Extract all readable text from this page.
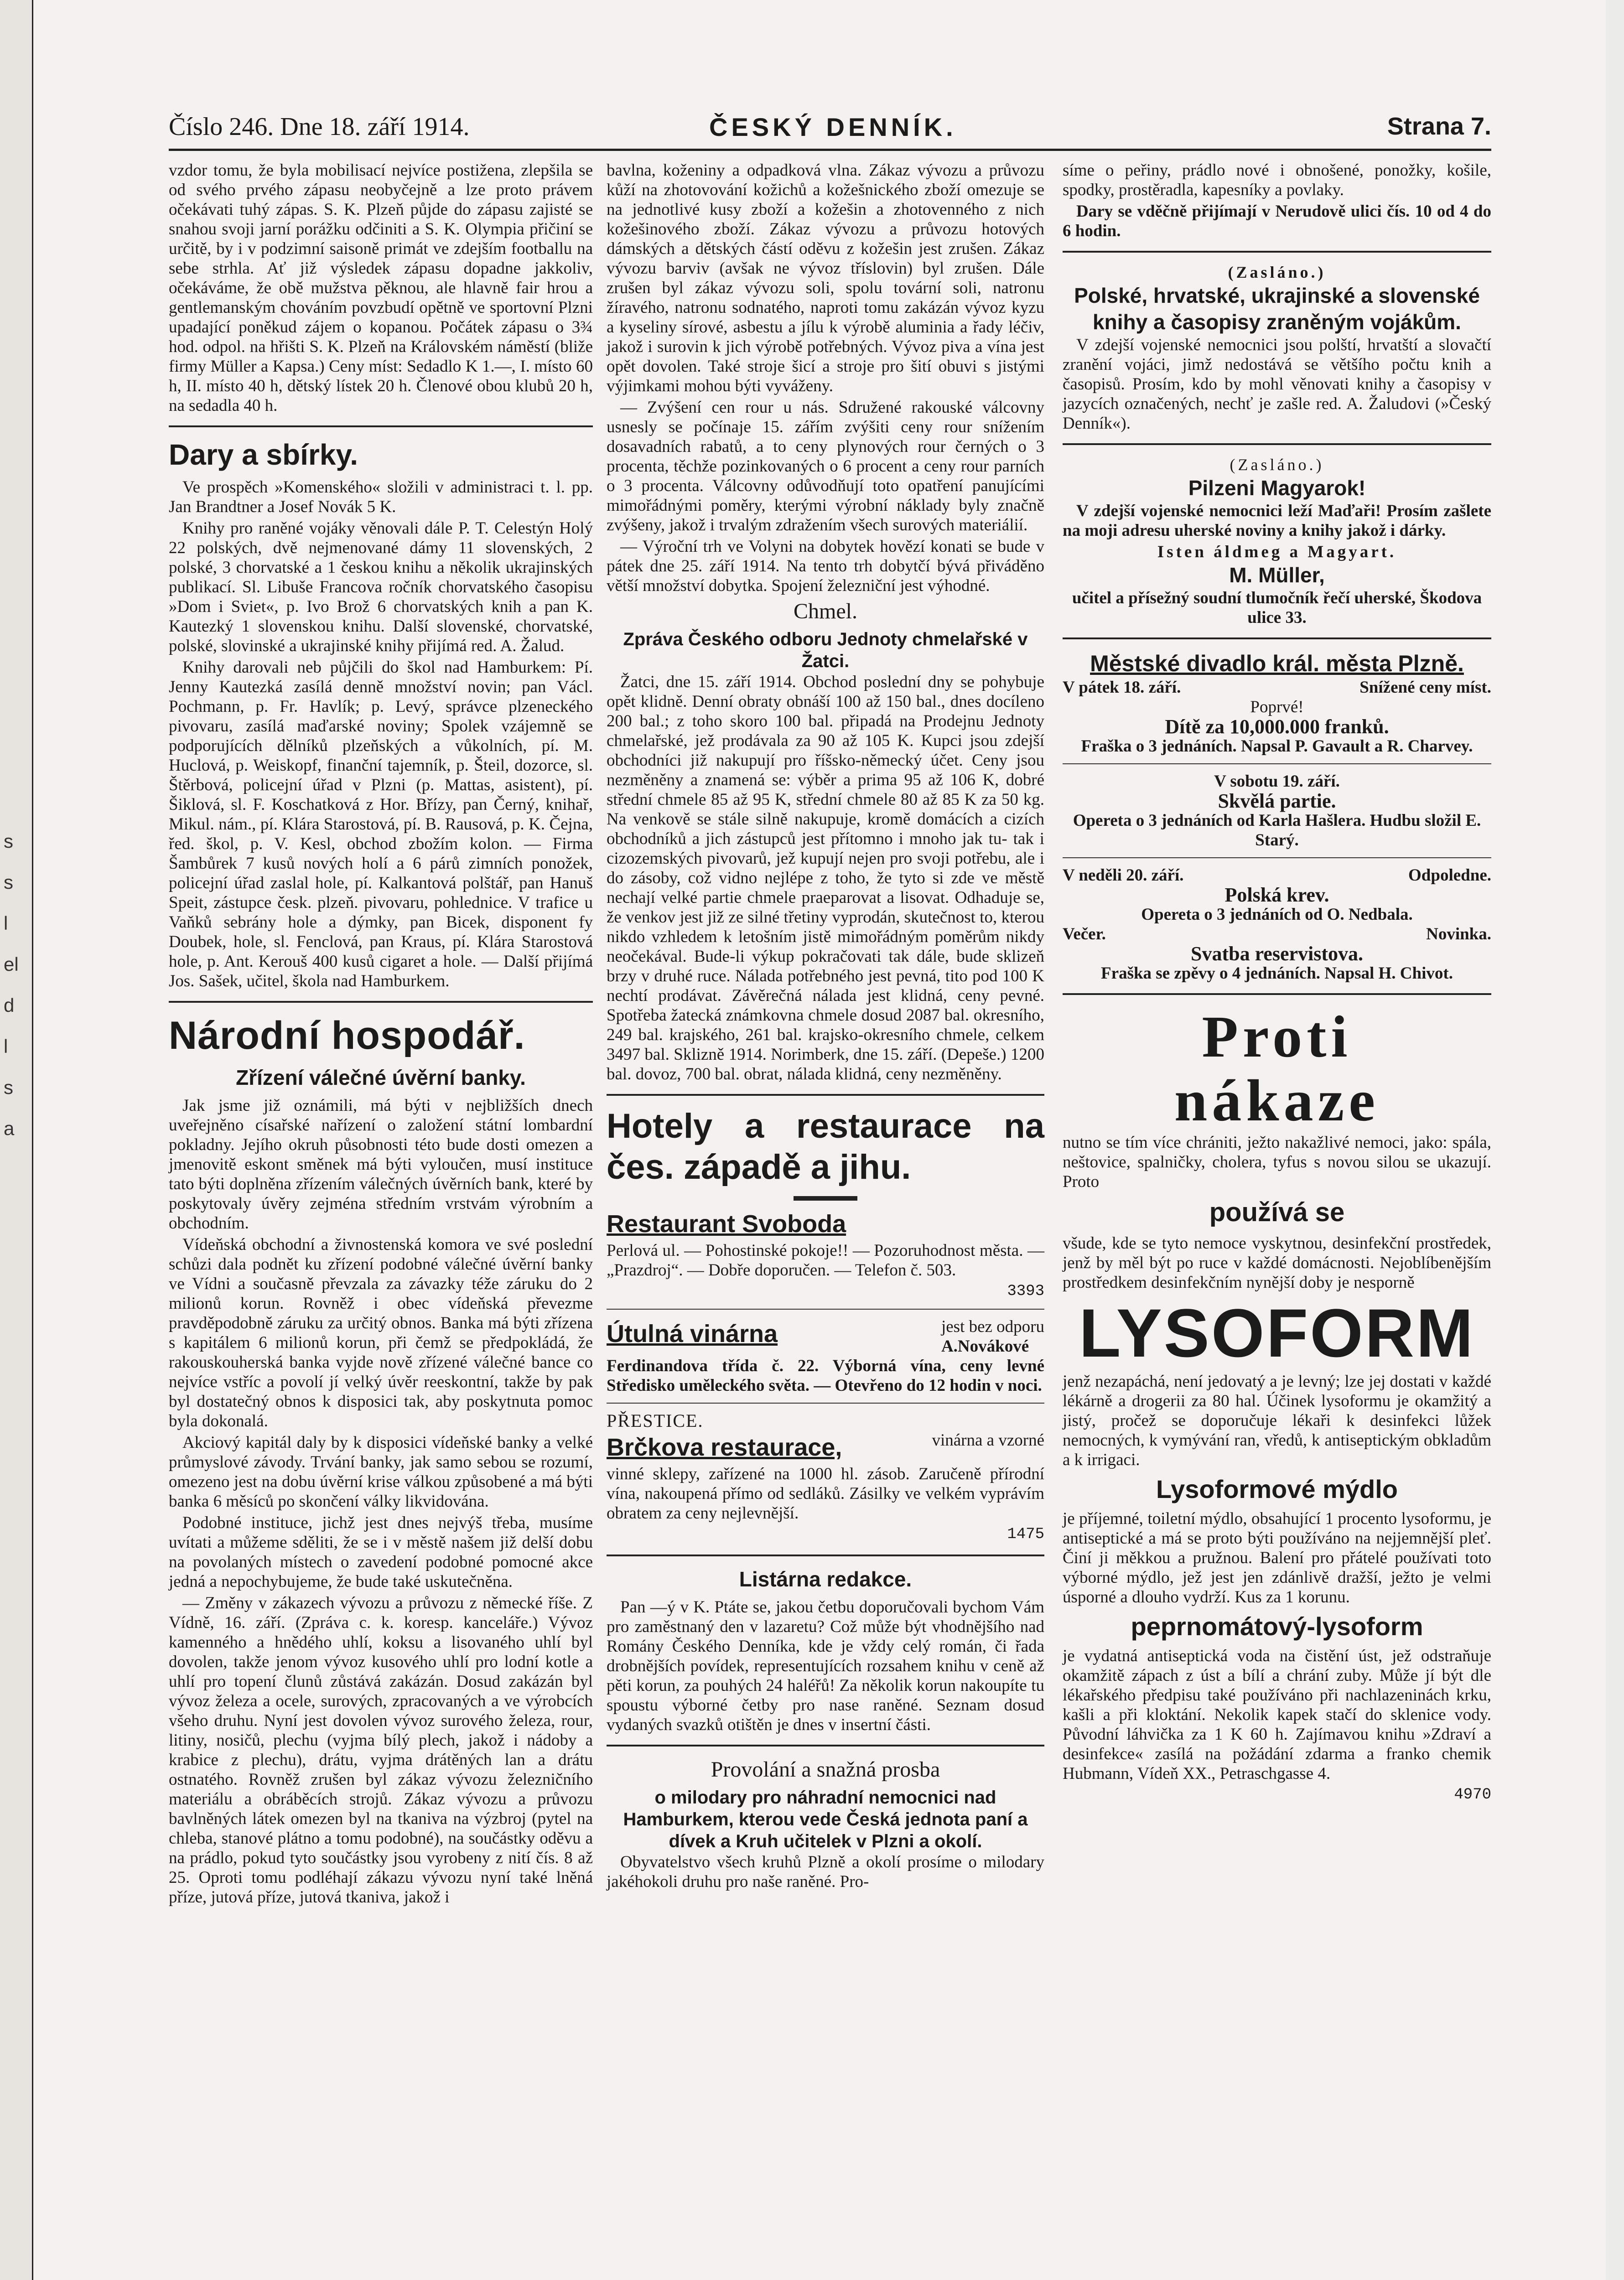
s
s
l
el
d
l
s
a
Číslo 246. Dne 18. září 1914.	ČESKÝ DENNÍK.	Strana 7.

vzdor tomu, že byla mobilisací nejvíce postižena, zlepšila se od svého prvého zápasu neobyčejně a lze proto právem očekávati tuhý zápas. S. K. Plzeň půjde do zápasu zajisté se snahou svoji jarní porážku odčiniti a S. K. Olympia přičiní se určitě, by i v podzimní saisoně primát ve zdejším footballu na sebe strhla. Ať již výsledek zápasu dopadne jakkoliv, očekáváme, že obě mužstva pěknou, ale hlavně fair hrou a gentlemanským chováním povzbudí opětně ve sportovní Plzni upadající poněkud zájem o kopanou. Počátek zápasu o 3¾ hod. odpol. na hřišti S. K. Plzeň na Královském náměstí (bliže firmy Müller a Kapsa.) Ceny míst: Sedadlo K 1.—, I. místo 60 h, II. místo 40 h, dětský lístek 20 h. Členové obou klubů 20 h, na sedadla 40 h.

Dary a sbírky.

Ve prospěch »Komenského« složili v administraci t. l. pp. Jan Brandtner a Josef Novák 5 K.

Knihy pro raněné vojáky věnovali dále P. T. Celestýn Holý 22 polských, dvě nejmenované dámy 11 slovenských, 2 polské, 3 chorvatské a 1 českou knihu a několik ukrajinských publikací. Sl. Libuše Francova ročník chorvatského časopisu »Dom i Sviet«, p. Ivo Brož 6 chorvatských knih a pan K. Kautezký 1 slovenskou knihu. Další slovenské, chorvatské, polské, slovinské a ukrajinské knihy přijímá red. A. Žalud.

Knihy darovali neb půjčili do škol nad Hamburkem: Pí. Jenny Kautezká zasílá denně množství novin; pan Václ. Pochmann, p. Fr. Havlík; p. Levý, správce plzeneckého pivovaru, zasílá maďarské noviny; Spolek vzájemně se podporujících dělníků plzeňských a vůkolních, pí. M. Huclová, p. Weiskopf, finanční tajemník, p. Šteil, dozorce, sl. Štěrbová, policejní úřad v Plzni (p. Mattas, asistent), pí. Šiklová, sl. F. Koschatková z Hor. Břízy, pan Černý, knihař, Mikul. nám., pí. Klára Starostová, pí. B. Rausová, p. K. Čejna, řed. škol, p. V. Kesl, obchod zbožím kolon. — Firma Šambůrek 7 kusů nových holí a 6 párů zimních ponožek, policejní úřad zaslal hole, pí. Kalkantová polštář, pan Hanuš Speit, zástupce česk. plzeň. pivovaru, pohlednice. V trafice u Vaňků sebrány hole a dýmky, pan Bicek, disponent fy Doubek, hole, sl. Fenclová, pan Kraus, pí. Klára Starostová hole, p. Ant. Kerouš 400 kusů cigaret a hole. — Další přijímá Jos. Sašek, učitel, škola nad Hamburkem.

Národní hospodář.
Zřízení válečné úvěrní banky.

Jak jsme již oznámili, má býti v nejbližších dnech uveřejněno císařské nařízení o založení státní lombardní pokladny. Jejího okruh působnosti této bude dosti omezen a jmenovitě eskont směnek má býti vyloučen, musí instituce tato býti doplněna zřízením válečných úvěrních bank, které by poskytovaly úvěry zejména středním vrstvám výrobním a obchodním.

Vídeňská obchodní a živnostenská komora ve své poslední schůzi dala podnět ku zřízení podobné válečné úvěrní banky ve Vídni a současně převzala za závazky téže záruku do 2 milionů korun. Rovněž i obec vídeňská převezme pravděpodobně záruku za určitý obnos. Banka má býti zřízena s kapitálem 6 milionů korun, při čemž se předpokládá, že rakouskouherská banka vyjde nově zřízené válečné bance co nejvíce vstříc a povolí jí velký úvěr reeskontní, takže by pak byl dostatečný obnos k disposici tak, aby poskytnuta pomoc byla dokonalá.

Akciový kapitál daly by k disposici vídeňské banky a velké průmyslové závody. Trvání banky, jak samo sebou se rozumí, omezeno jest na dobu úvěrní krise válkou způsobené a má býti banka 6 měsíců po skončení války likvidována.

Podobné instituce, jichž jest dnes nejvýš třeba, musíme uvítati a můžeme sděliti, že se i v městě našem již delší dobu na povolaných místech o zavedení podobné pomocné akce jedná a nepochybujeme, že bude také uskutečněna.

— Změny v zákazech vývozu a průvozu z německé říše. Z Vídně, 16. září. (Zpráva c. k. koresp. kanceláře.) Vývoz kamenného a hnědého uhlí, koksu a lisovaného uhlí byl dovolen, takže jenom vývoz kusového uhlí pro lodní kotle a uhlí pro topení člunů zůstává zakázán. Dosud zakázán byl vývoz železa a ocele, surových, zpracovaných a ve výrobcích všeho druhu. Nyní jest dovolen vývoz surového železa, rour, litiny, nosičů, plechu (vyjma bílý plech, jakož i nádoby a krabice z plechu), drátu, vyjma drátěných lan a drátu ostnatého. Rovněž zrušen byl zákaz vývozu železničního materiálu a obráběcích strojů. Zákaz vývozu a průvozu bavlněných látek omezen byl na tkaniva na výzbroj (pytel na chleba, stanové plátno a tomu podobné), na součástky oděvu a na prádlo, pokud tyto součástky jsou vyrobeny z nití čís. 8 až 25. Oproti tomu podléhají zákazu vývozu nyní také lněná příze, jutová příze, jutová tkaniva, jakož i

bavlna, koženiny a odpadková vlna. Zákaz vývozu a průvozu kůží na zhotovování kožichů a kožešnického zboží omezuje se na jednotlivé kusy zboží a kožešin a zhotovenného z nich kožešinového zboží. Zákaz vývozu a průvozu hotových dámských a dětských částí oděvu z kožešin jest zrušen. Zákaz vývozu barviv (avšak ne vývoz tříslovin) byl zrušen. Dále zrušen byl zákaz vývozu soli, spolu tovární soli, natronu žíravého, natronu sodnatého, naproti tomu zakázán vývoz kyzu a kyseliny sírové, asbestu a jílu k výrobě aluminia a řady léčiv, jakož i surovin k jich výrobě potřebných. Vývoz piva a vína jest opět dovolen. Také stroje šicí a stroje pro šití obuvi s jistými výjimkami mohou býti vyváženy.

— Zvýšení cen rour u nás. Sdružené rakouské válcovny usnesly se počínaje 15. zářím zvýšiti ceny rour snížením dosavadních rabatů, a to ceny plynových rour černých o 3 procenta, těchže pozinkovaných o 6 procent a ceny rour parních o 3 procenta. Válcovny odůvodňují toto opatření panujícími mimořádnými poměry, kterými výrobní náklady byly značně zvýšeny, jakož i trvalým zdražením všech surových materiálií.

— Výroční trh ve Volyni na dobytek hovězí konati se bude v pátek dne 25. září 1914. Na tento trh dobytčí bývá přiváděno větší množství dobytka. Spojení železniční jest výhodné.

Chmel.
Zpráva Českého odboru Jednoty chmelařské v Žatci.

Žatci, dne 15. září 1914. Obchod poslední dny se pohybuje opět klidně. Denní obraty obnáší 100 až 150 bal., dnes docíleno 200 bal.; z toho skoro 100 bal. připadá na Prodejnu Jednoty chmelařské, jež prodávala za 90 až 105 K. Kupci jsou zdejší obchodníci již nakupují pro říšsko-německý účet. Ceny jsou nezměněny a znamená se: výběr a prima 95 až 106 K, dobré střední chmele 85 až 95 K, střední chmele 80 až 85 K za 50 kg. Na venkově se stále silně nakupuje, kromě domácích a cizích obchodníků a jich zástupců jest přítomno i mnoho jak tu- tak i cizozemských pivovarů, jež kupují nejen pro svoji potřebu, ale i do zásoby, což vidno nejlépe z toho, že tyto si zde ve městě nechají velké partie chmele praeparovat a lisovat. Odhaduje se, že venkov jest již ze silné třetiny vyprodán, skutečnost to, kterou nikdo vzhledem k letošním jistě mimořádným poměrům nikdy neočekával. Bude-li výkup pokračovati tak dále, bude sklizeň brzy v druhé ruce. Nálada potřebného jest pevná, tito pod 100 K nechtí prodávat. Závěrečná nálada jest klidná, ceny pevné. Spotřeba žatecká známkovna chmele dosud 2087 bal. okresního, 249 bal. krajského, 261 bal. krajsko-okresního chmele, celkem 3497 bal. Sklizně 1914. Norimberk, dne 15. září. (Depeše.) 1200 bal. dovoz, 700 bal. obrat, nálada klidná, ceny nezměněny.

Hotely a restaurace na čes. západě a jihu.
Restaurant Svoboda

Perlová ul. — Pohostinské pokoje!! — Pozoruhodnost města. — „Prazdroj“. — Dobře doporučen. — Telefon č. 503.

3393
Útulná vinárna	jest bez odporu
A.Novákové

Ferdinandova třída č. 22. Výborná vína, ceny levné Středisko uměleckého světa. — Otevřeno do 12 hodin v noci.

PŘESTICE.
Brčkova restaurace,	vinárna a vzorné

vinné sklepy, zařízené na 1000 hl. zásob. Zaručeně přírodní vína, nakoupená přímo od sedláků. Zásilky ve velkém vyprávím obratem za ceny nejlevnější.

1475
Listárna redakce.

Pan —ý v K. Ptáte se, jakou četbu doporučovali bychom Vám pro zaměstnaný den v lazaretu? Což může být vhodnějšího nad Romány Českého Denníka, kde je vždy celý román, či řada drobnějších povídek, representujících rozsahem knihu v ceně až pěti korun, za pouhých 24 haléřů! Za několik korun nakoupíte tu spoustu výborné četby pro nase raněné. Seznam dosud vydaných svazků otištěn je dnes v insertní části.

Provolání a snažná prosba
o milodary pro náhradní nemocnici nad Hamburkem, kterou vede Česká jednota paní a dívek a Kruh učitelek v Plzni a okolí.

Obyvatelstvo všech kruhů Plzně a okolí prosíme o milodary jakéhokoli druhu pro naše raněné. Pro-

síme o peřiny, prádlo nové i obnošené, ponožky, košile, spodky, prostěradla, kapesníky a povlaky.

Dary se vděčně přijímají v Nerudově ulici čís. 10 od 4 do 6 hodin.

(Zasláno.)
Polské, hrvatské, ukrajinské a slovenské knihy a časopisy zraněným vojákům.

V zdejší vojenské nemocnici jsou polští, hrvatští a slovačtí zranění vojáci, jimž nedostává se většího počtu knih a časopisů. Prosím, kdo by mohl věnovati knihy a časopisy v jazycích označených, nechť je zašle red. A. Žaludovi (»Český Denník«).

(Zasláno.)
Pilzeni Magyarok!

V zdejší vojenské nemocnici leží Maďaři! Prosím zašlete na moji adresu uherské noviny a knihy jakož i dárky.

Isten áldmeg a Magyart.
M. Müller,
učitel a přísežný soudní tlumočník řečí uherské, Škodova ulice 33.
Městské divadlo král. města Plzně.
V pátek 18. září.	Snížené ceny míst.
Poprvé!
Dítě za 10,000.000 franků.
Fraška o 3 jednáních. Napsal P. Gavault a R. Charvey.
V sobotu 19. září.
Skvělá partie.
Opereta o 3 jednáních od Karla Hašlera. Hudbu složil E. Starý.
V neděli 20. září.	Odpoledne.
Polská krev.
Opereta o 3 jednáních od O. Nedbala.
Večer.	Novinka.
Svatba reservistova.
Fraška se zpěvy o 4 jednáních. Napsal H. Chivot.
Proti
nákaze

nutno se tím více chrániti, ježto nakažlivé nemoci, jako: spála, neštovice, spalničky, cholera, tyfus s novou silou se ukazují. Proto

používá se

všude, kde se tyto nemoce vyskytnou, desinfekční prostředek, jenž by měl být po ruce v každé domácnosti. Nejoblíbenějším prostředkem desinfekčním nynější doby je nesporně

LYSOFORM

jenž nezapáchá, není jedovatý a je levný; lze jej dostati v každé lékárně a drogerii za 80 hal. Účinek lysoformu je okamžitý a jistý, pročež se doporučuje lékaři k desinfekci lůžek nemocných, k vymývání ran, vředů, k antiseptickým obkladům a k irrigaci.

Lysoformové mýdlo

je příjemné, toiletní mýdlo, obsahující 1 procento lysoformu, je antiseptické a má se proto býti používáno na nejjemnější pleť. Činí ji měkkou a pružnou. Balení pro přátelé používati toto výborné mýdlo, jež jest jen zdánlivě dražší, ježto je velmi úsporné a dlouho vydrží. Kus za 1 korunu.

peprnomátový-lysoform

je vydatná antiseptická voda na čistění úst, jež odstraňuje okamžitě zápach z úst a bílí a chrání zuby. Může jí být dle lékařského předpisu také používáno při nachlazeninách krku, kašli a při kloktání. Nekolik kapek stačí do sklenice vody. Původní láhvička za 1 K 60 h. Zajímavou knihu »Zdraví a desinfekce« zasílá na požádání zdarma a franko chemik Hubmann, Vídeň XX., Petraschgasse 4.

4970
